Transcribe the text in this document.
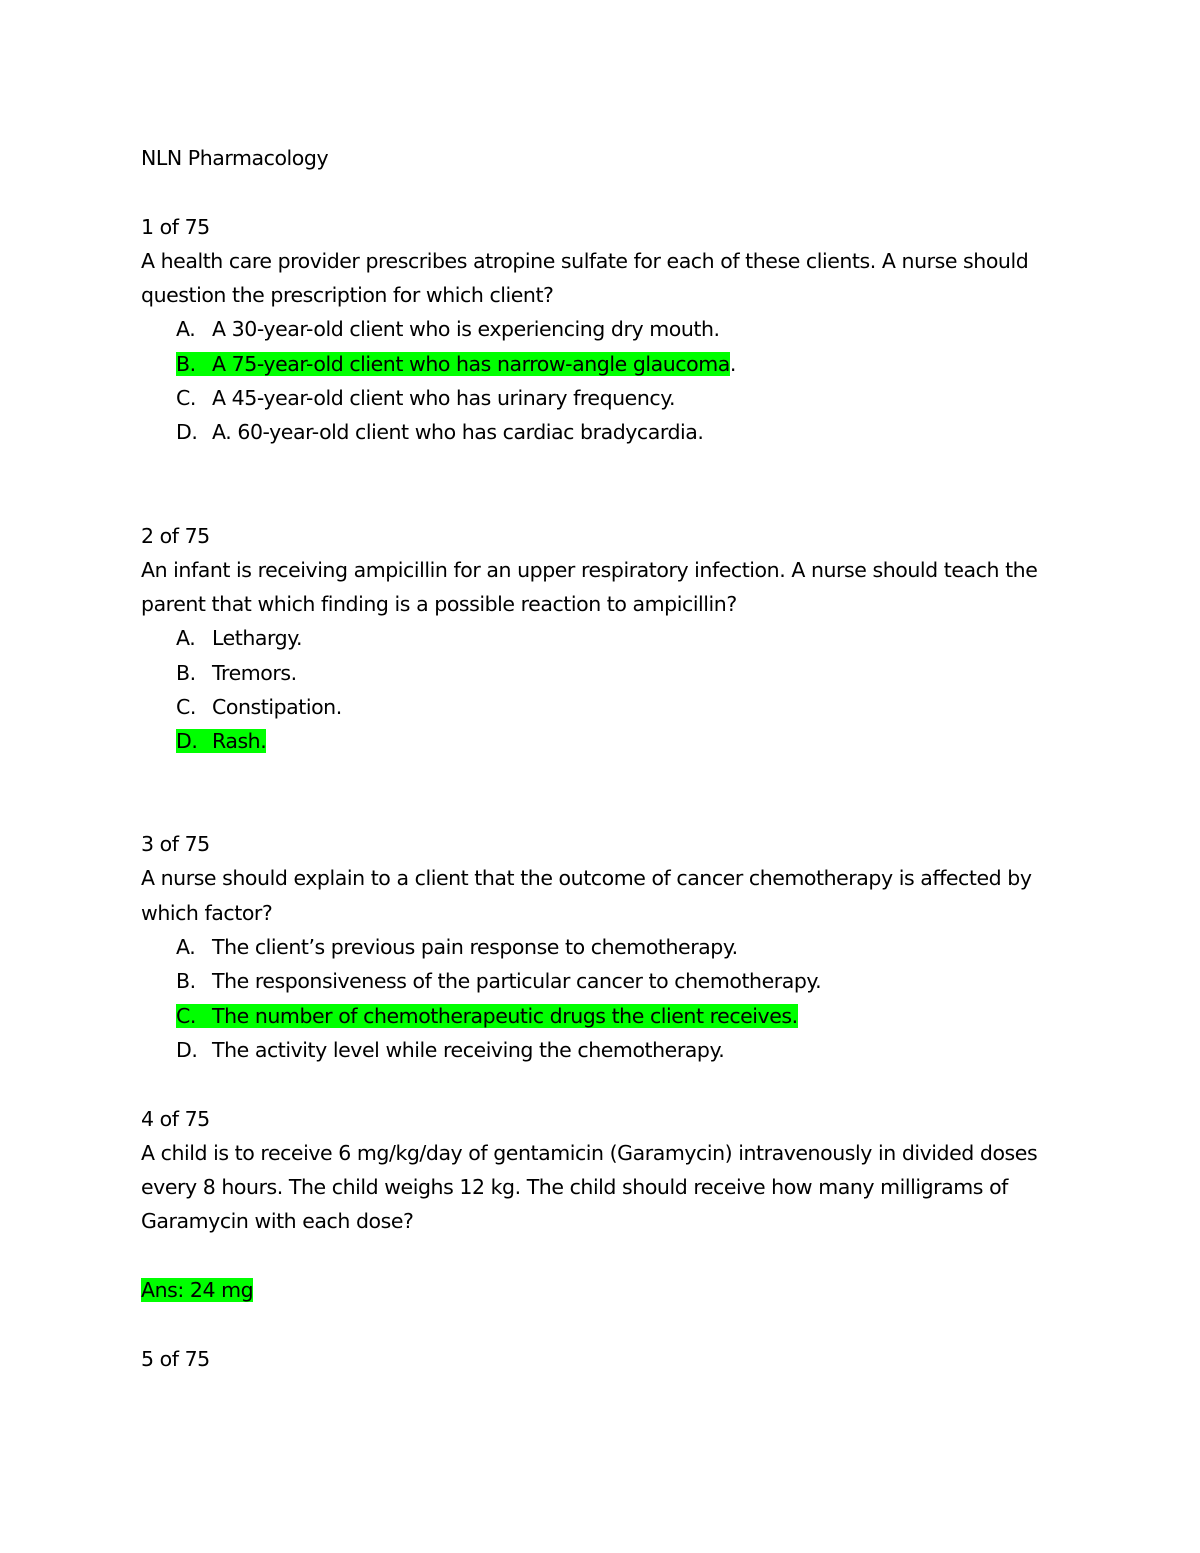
NLN Pharmacology
1 of 75
A health care provider prescribes atropine sulfate for each of these clients. A nurse should
question the prescription for which client?
A. A 30-year-old client who is experiencing dry mouth.
B. A 75-year-old client who has narrow-angle glaucoma.
C. A 45-year-old client who has urinary frequency.
D. A. 60-year-old client who has cardiac bradycardia.
2 of 75
An infant is receiving ampicillin for an upper respiratory infection. A nurse should teach the
parent that which finding is a possible reaction to ampicillin?
A. Lethargy.
B. Tremors.
C. Constipation.
D. Rash.
3 of 75
A nurse should explain to a client that the outcome of cancer chemotherapy is affected by
which factor?
A. The client’s previous pain response to chemotherapy.
B. The responsiveness of the particular cancer to chemotherapy.
C. The number of chemotherapeutic drugs the client receives.
D. The activity level while receiving the chemotherapy.
4 of 75
A child is to receive 6 mg/kg/day of gentamicin (Garamycin) intravenously in divided doses
every 8 hours. The child weighs 12 kg. The child should receive how many milligrams of
Garamycin with each dose?
Ans: 24 mg
5 of 75
